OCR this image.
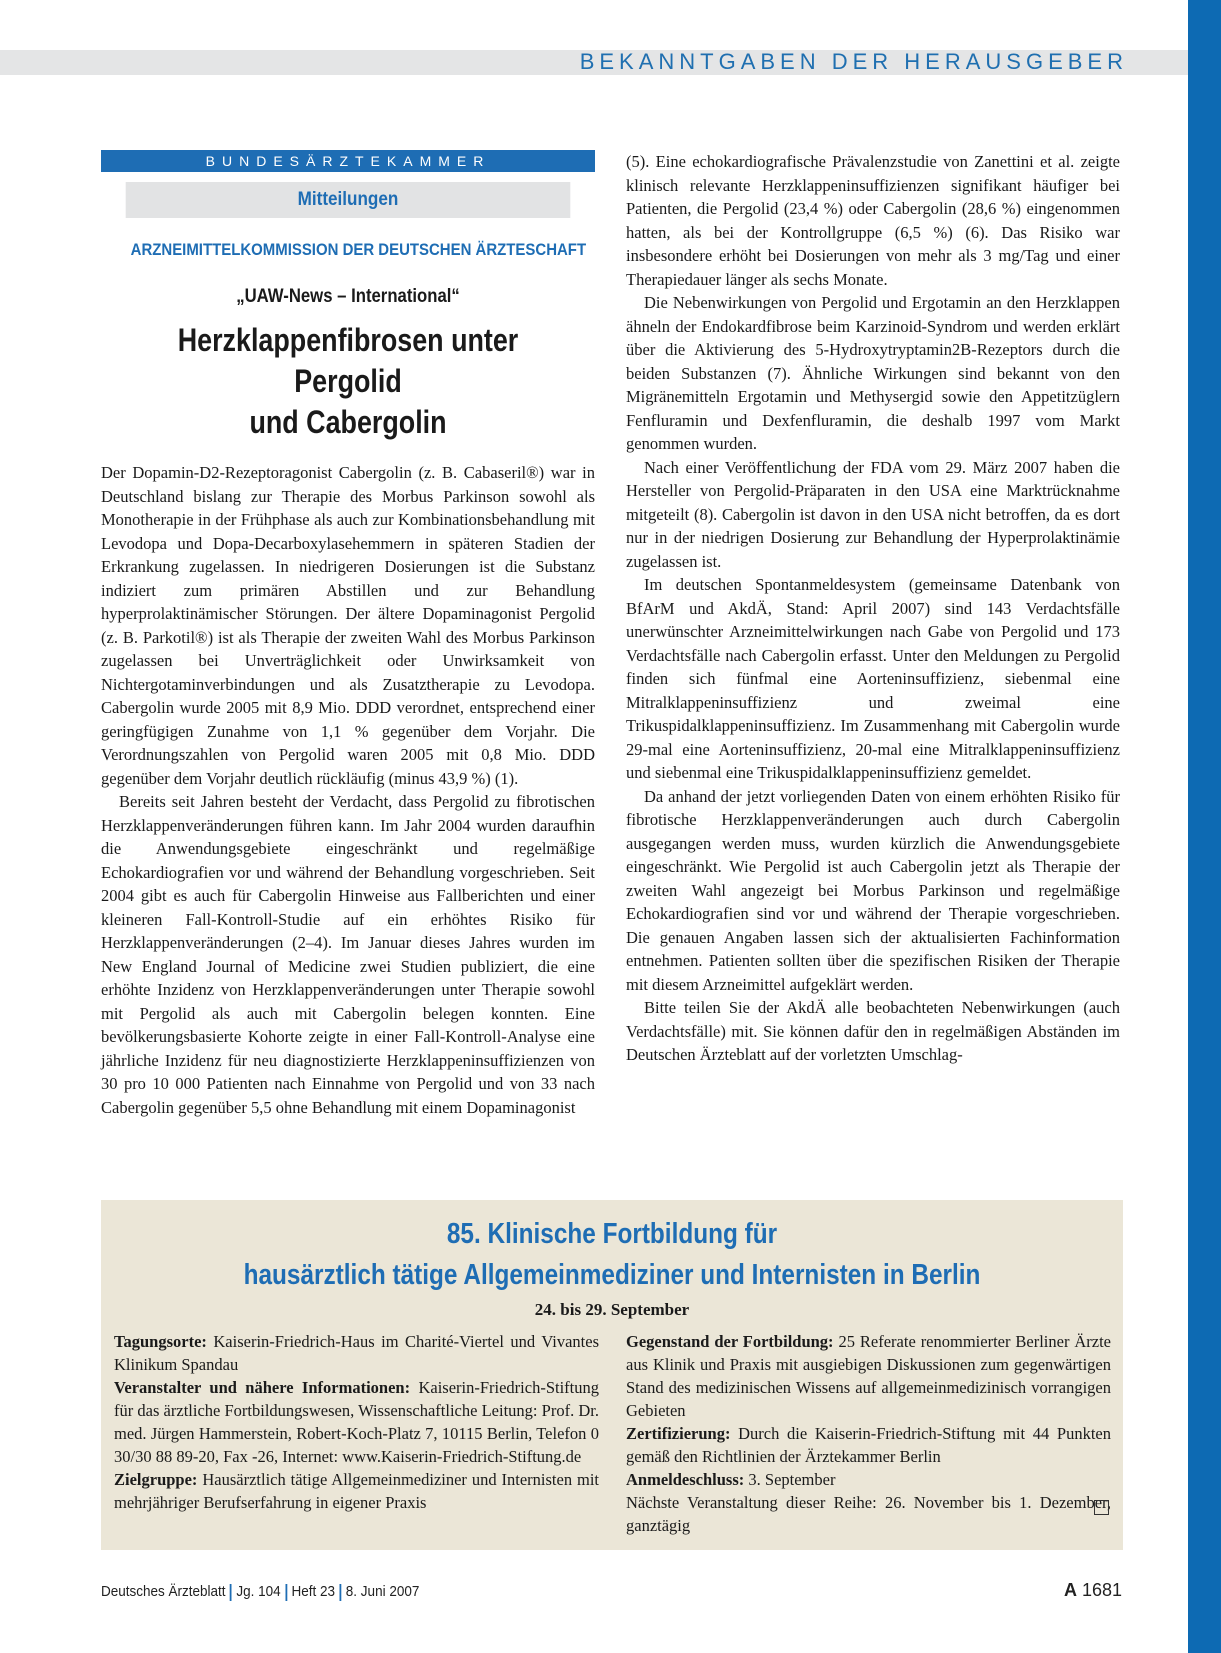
BEKANNTGABEN DER HERAUSGEBER
BUNDESÄRZTEKAMMER
Mitteilungen
ARZNEIMITTELKOMMISSION DER DEUTSCHEN ÄRZTESCHAFT
„UAW-News – International“
Herzklappenfibrosen unter Pergolid
und Cabergolin

Der Dopamin-D2-Rezeptoragonist Cabergolin (z. B. Cabaseril®) war in Deutschland bislang zur Therapie des Morbus Parkinson sowohl als Monotherapie in der Frühphase als auch zur Kombinationsbehandlung mit Levodopa und Dopa-Decarboxylasehemmern in späteren Stadien der Erkrankung zugelassen. In niedrigeren Dosierungen ist die Substanz indiziert zum primären Abstillen und zur Behandlung hyperprolaktinämischer Störungen. Der ältere Dopaminagonist Pergolid (z. B. Parkotil®) ist als Therapie der zweiten Wahl des Morbus Parkinson zugelassen bei Unverträglichkeit oder Unwirksamkeit von Nichtergotaminverbindungen und als Zusatztherapie zu Levodopa. Cabergolin wurde 2005 mit 8,9 Mio. DDD verordnet, entsprechend einer geringfügigen Zunahme von 1,1 % gegenüber dem Vorjahr. Die Verordnungszahlen von Pergolid waren 2005 mit 0,8 Mio. DDD gegenüber dem Vorjahr deutlich rückläufig (minus 43,9 %) (1).

Bereits seit Jahren besteht der Verdacht, dass Pergolid zu fibrotischen Herzklappenveränderungen führen kann. Im Jahr 2004 wurden daraufhin die Anwendungsgebiete eingeschränkt und regelmäßige Echokardiografien vor und während der Behandlung vorgeschrieben. Seit 2004 gibt es auch für Cabergolin Hinweise aus Fallberichten und einer kleineren Fall-Kontroll-Studie auf ein erhöhtes Risiko für Herzklappenveränderungen (2–4). Im Januar dieses Jahres wurden im New England Journal of Medicine zwei Studien publiziert, die eine erhöhte Inzidenz von Herzklappenveränderungen unter Therapie sowohl mit Pergolid als auch mit Cabergolin belegen konnten. Eine bevölkerungsbasierte Kohorte zeigte in einer Fall-Kontroll-Analyse eine jährliche Inzidenz für neu diagnostizierte Herzklappeninsuffizienzen von 30 pro 10 000 Patienten nach Einnahme von Pergolid und von 33 nach Cabergolin gegenüber 5,5 ohne Behandlung mit einem Dopaminagonist

(5). Eine echokardiografische Prävalenzstudie von Zanettini et al. zeigte klinisch relevante Herzklappeninsuffizienzen signifikant häufiger bei Patienten, die Pergolid (23,4 %) oder Cabergolin (28,6 %) eingenommen hatten, als bei der Kontrollgruppe (6,5 %) (6). Das Risiko war insbesondere erhöht bei Dosierungen von mehr als 3 mg/Tag und einer Therapiedauer länger als sechs Monate.

Die Nebenwirkungen von Pergolid und Ergotamin an den Herzklappen ähneln der Endokardfibrose beim Karzinoid-Syndrom und werden erklärt über die Aktivierung des 5-Hydroxytryptamin2B-Rezeptors durch die beiden Substanzen (7). Ähnliche Wirkungen sind bekannt von den Migränemitteln Ergotamin und Methysergid sowie den Appetitzüglern Fenfluramin und Dexfenfluramin, die deshalb 1997 vom Markt genommen wurden.

Nach einer Veröffentlichung der FDA vom 29. März 2007 haben die Hersteller von Pergolid-Präparaten in den USA eine Marktrücknahme mitgeteilt (8). Cabergolin ist davon in den USA nicht betroffen, da es dort nur in der niedrigen Dosierung zur Behandlung der Hyperprolaktinämie zugelassen ist.

Im deutschen Spontanmeldesystem (gemeinsame Datenbank von BfArM und AkdÄ, Stand: April 2007) sind 143 Verdachtsfälle unerwünschter Arzneimittelwirkungen nach Gabe von Pergolid und 173 Verdachtsfälle nach Cabergolin erfasst. Unter den Meldungen zu Pergolid finden sich fünfmal eine Aorteninsuffizienz, siebenmal eine Mitralklappeninsuffizienz und zweimal eine Trikuspidalklappeninsuffizienz. Im Zusammenhang mit Cabergolin wurde 29-mal eine Aorteninsuffizienz, 20-mal eine Mitralklappeninsuffizienz und siebenmal eine Trikuspidalklappeninsuffizienz gemeldet.

Da anhand der jetzt vorliegenden Daten von einem erhöhten Risiko für fibrotische Herzklappenveränderungen auch durch Cabergolin ausgegangen werden muss, wurden kürzlich die Anwendungsgebiete eingeschränkt. Wie Pergolid ist auch Cabergolin jetzt als Therapie der zweiten Wahl angezeigt bei Morbus Parkinson und regelmäßige Echokardiografien sind vor und während der Therapie vorgeschrieben. Die genauen Angaben lassen sich der aktualisierten Fachinformation entnehmen. Patienten sollten über die spezifischen Risiken der Therapie mit diesem Arzneimittel aufgeklärt werden.

Bitte teilen Sie der AkdÄ alle beobachteten Nebenwirkungen (auch Verdachtsfälle) mit. Sie können dafür den in regelmäßigen Abständen im Deutschen Ärzteblatt auf der vorletzten Umschlag-

85. Klinische Fortbildung für
hausärztlich tätige Allgemeinmediziner und Internisten in Berlin
24. bis 29. September

Tagungsorte: Kaiserin-Friedrich-Haus im Charité-Viertel und Vivantes Klinikum Spandau

Veranstalter und nähere Informationen: Kaiserin-Friedrich-Stiftung für das ärztliche Fortbildungswesen, Wissenschaftliche Leitung: Prof. Dr. med. Jürgen Hammerstein, Robert-Koch-Platz 7, 10115 Berlin, Telefon 0 30/30 88 89-20, Fax -26, Internet: www.Kaiserin-Friedrich-Stiftung.de

Zielgruppe: Hausärztlich tätige Allgemeinmediziner und Internisten mit mehrjähriger Berufserfahrung in eigener Praxis

Gegenstand der Fortbildung: 25 Referate renommierter Berliner Ärzte aus Klinik und Praxis mit ausgiebigen Diskussionen zum gegenwärtigen Stand des medizinischen Wissens auf allgemeinmedizinisch vorrangigen Gebieten

Zertifizierung: Durch die Kaiserin-Friedrich-Stiftung mit 44 Punkten gemäß den Richtlinien der Ärztekammer Berlin

Anmeldeschluss: 3. September

Nächste Veranstaltung dieser Reihe: 26. November bis 1. Dezember, ganztägig

Deutsches Ärzteblatt Jg. 104 Heft 23 8. Juni 2007	A 1681
